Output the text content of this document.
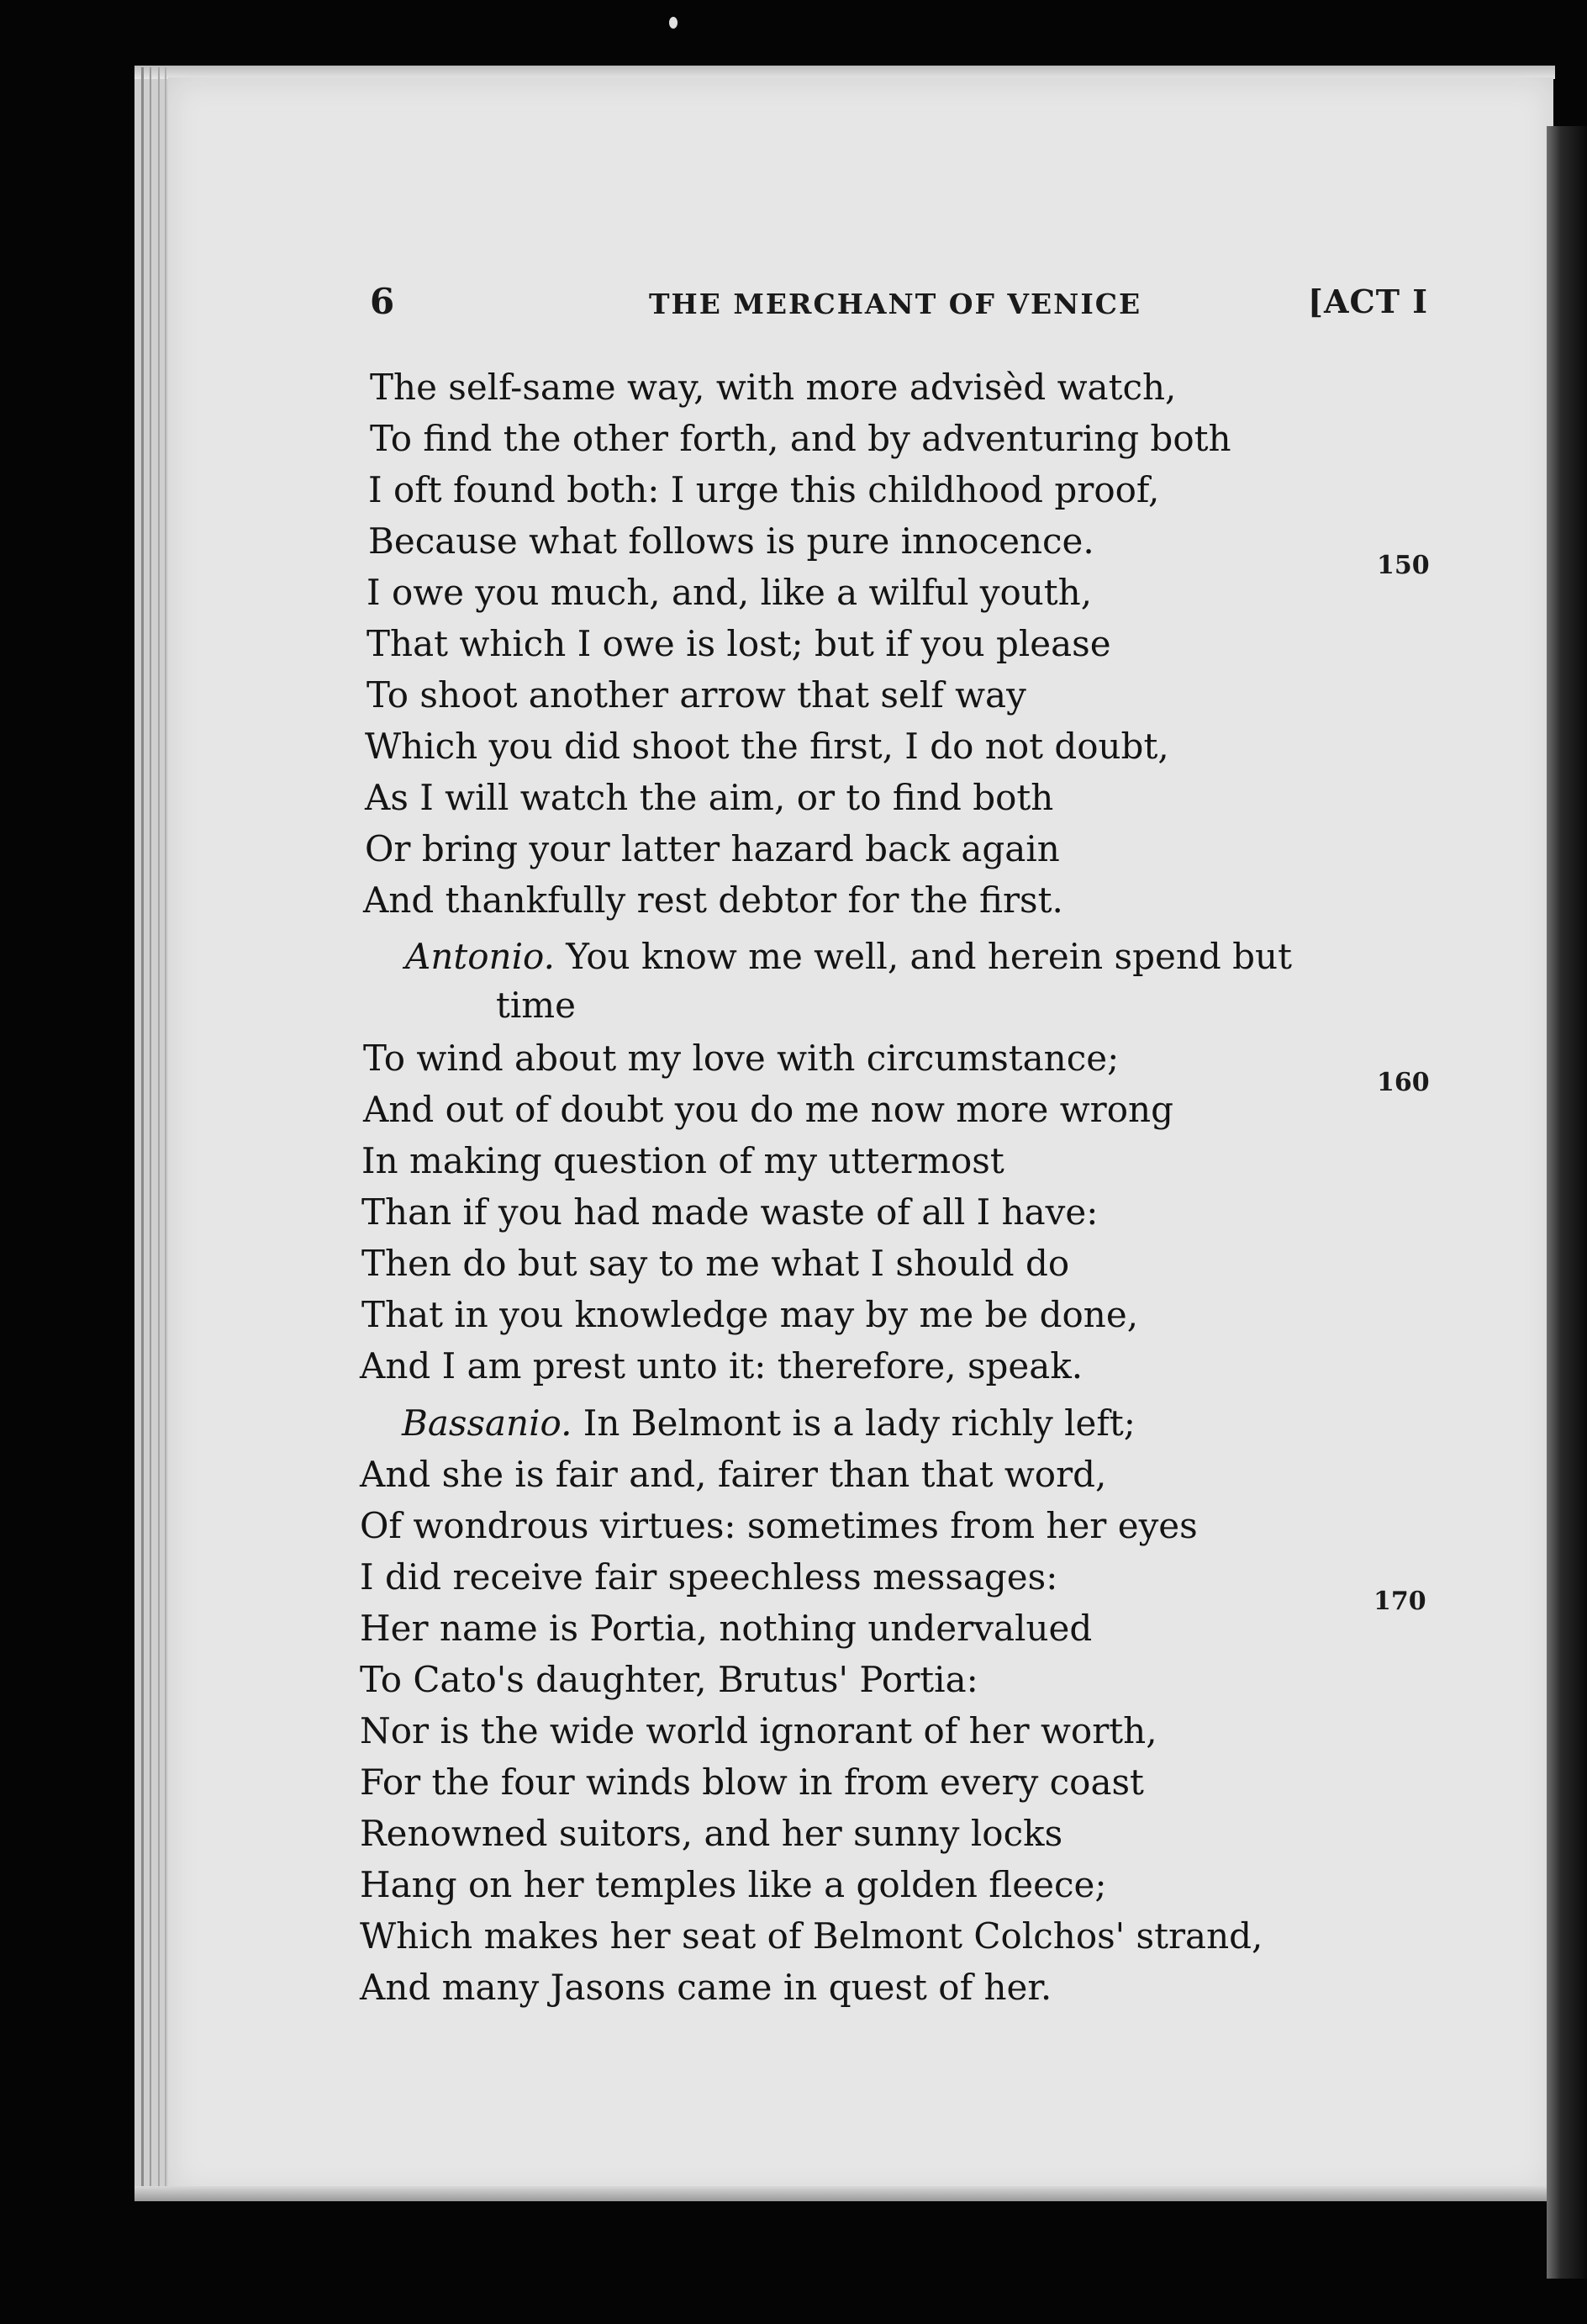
6	THE MERCHANT OF VENICE	[ACT I
The self-same way, with more advisèd watch,
To find the other forth, and by adventuring both
I oft found both: I urge this childhood proof,
Because what follows is pure innocence.
I owe you much, and, like a wilful youth,
That which I owe is lost; but if you please
To shoot another arrow that self way
Which you did shoot the first, I do not doubt,
As I will watch the aim, or to find both
Or bring your latter hazard back again
And thankfully rest debtor for the first.
Antonio. You know me well, and herein spend but
time
To wind about my love with circumstance;
And out of doubt you do me now more wrong
In making question of my uttermost
Than if you had made waste of all I have:
Then do but say to me what I should do
That in you knowledge may by me be done,
And I am prest unto it: therefore, speak.
Bassanio. In Belmont is a lady richly left;
And she is fair and, fairer than that word,
Of wondrous virtues: sometimes from her eyes
I did receive fair speechless messages:
Her name is Portia, nothing undervalued
To Cato's daughter, Brutus' Portia:
Nor is the wide world ignorant of her worth,
For the four winds blow in from every coast
Renowned suitors, and her sunny locks
Hang on her temples like a golden fleece;
Which makes her seat of Belmont Colchos' strand,
And many Jasons came in quest of her.
150
160
170
